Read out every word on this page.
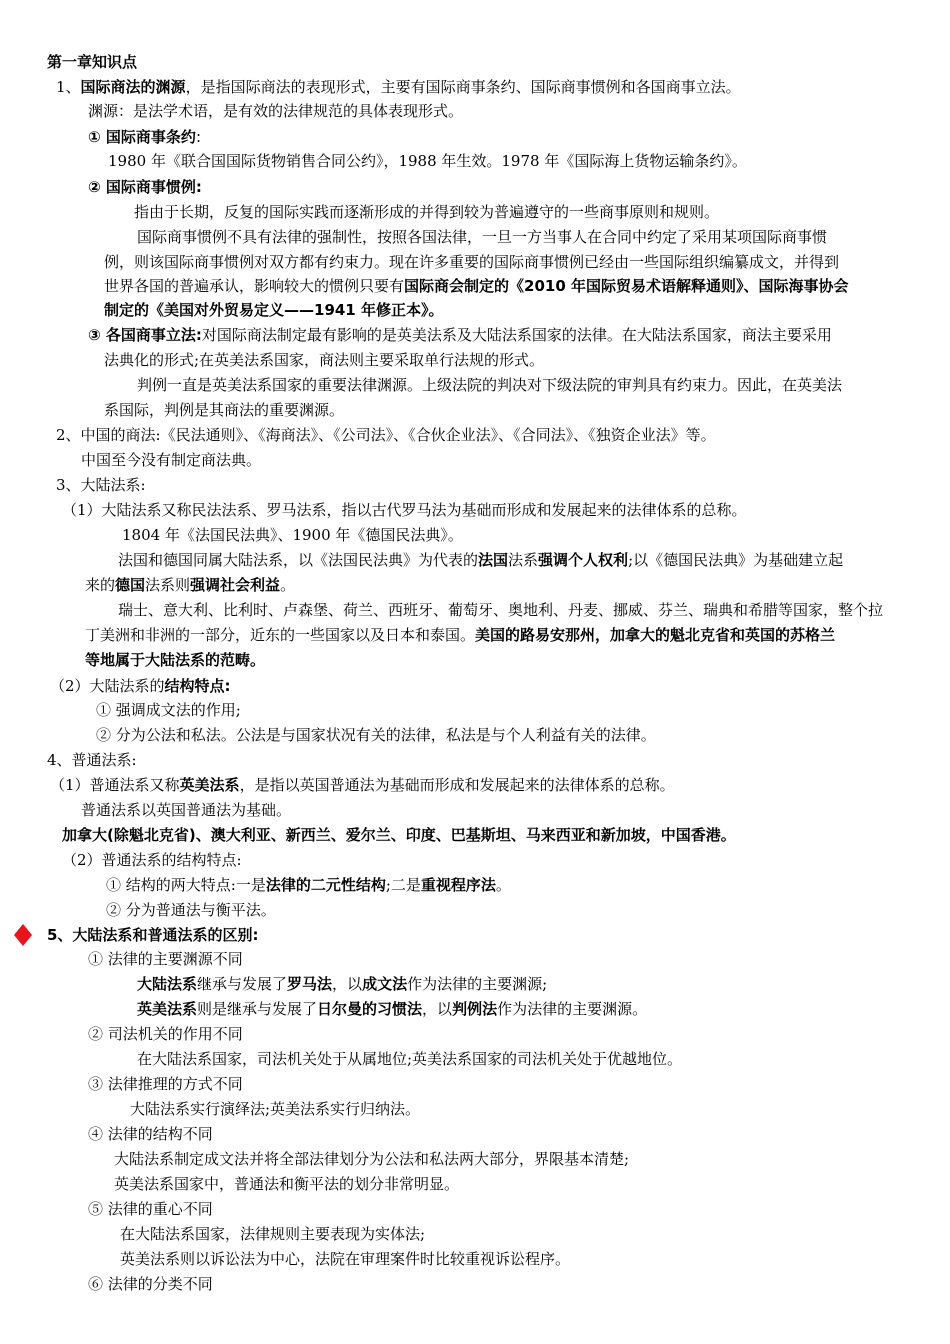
第一章知识点
1、国际商法的渊源，是指国际商法的表现形式，主要有国际商事条约、国际商事惯例和各国商事立法。
渊源：是法学术语，是有效的法律规范的具体表现形式。
① 国际商事条约:
1980 年《联合国国际货物销售合同公约》，1988 年生效。1978 年《国际海上货物运输条约》。
② 国际商事惯例:
指由于长期，反复的国际实践而逐渐形成的并得到较为普遍遵守的一些商事原则和规则。
国际商事惯例不具有法律的强制性，按照各国法律，一旦一方当事人在合同中约定了采用某项国际商事惯
例，则该国际商事惯例对双方都有约束力。现在许多重要的国际商事惯例已经由一些国际组织编纂成文，并得到
世界各国的普遍承认，影响较大的惯例只要有国际商会制定的《2010 年国际贸易术语解释通则》、国际海事协会
制定的《美国对外贸易定义——1941 年修正本》。
③ 各国商事立法:对国际商法制定最有影响的是英美法系及大陆法系国家的法律。在大陆法系国家，商法主要采用
法典化的形式;在英美法系国家，商法则主要采取单行法规的形式。
判例一直是英美法系国家的重要法律渊源。上级法院的判决对下级法院的审判具有约束力。因此，在英美法
系国际，判例是其商法的重要渊源。
2、中国的商法:《民法通则》、《海商法》、《公司法》、《合伙企业法》、《合同法》、《独资企业法》等。
中国至今没有制定商法典。
3、大陆法系:
（1）大陆法系又称民法法系、罗马法系，指以古代罗马法为基础而形成和发展起来的法律体系的总称。
1804 年《法国民法典》、1900 年《德国民法典》。
法国和德国同属大陆法系，以《法国民法典》为代表的法国法系强调个人权利;以《德国民法典》为基础建立起
来的德国法系则强调社会利益。
瑞士、意大利、比利时、卢森堡、荷兰、西班牙、葡萄牙、奥地利、丹麦、挪威、芬兰、瑞典和希腊等国家，整个拉
丁美洲和非洲的一部分，近东的一些国家以及日本和泰国。美国的路易安那州，加拿大的魁北克省和英国的苏格兰
等地属于大陆法系的范畴。
（2）大陆法系的结构特点:
① 强调成文法的作用;
② 分为公法和私法。公法是与国家状况有关的法律，私法是与个人利益有关的法律。
4、普通法系:
（1）普通法系又称英美法系，是指以英国普通法为基础而形成和发展起来的法律体系的总称。
普通法系以英国普通法为基础。
加拿大(除魁北克省)、澳大利亚、新西兰、爱尔兰、印度、巴基斯坦、马来西亚和新加坡，中国香港。
（2）普通法系的结构特点:
① 结构的两大特点:一是法律的二元性结构;二是重视程序法。
② 分为普通法与衡平法。
5、大陆法系和普通法系的区别:
① 法律的主要渊源不同
大陆法系继承与发展了罗马法，以成文法作为法律的主要渊源;
英美法系则是继承与发展了日尔曼的习惯法，以判例法作为法律的主要渊源。
② 司法机关的作用不同
在大陆法系国家，司法机关处于从属地位;英美法系国家的司法机关处于优越地位。
③ 法律推理的方式不同
大陆法系实行演绎法;英美法系实行归纳法。
④ 法律的结构不同
大陆法系制定成文法并将全部法律划分为公法和私法两大部分，界限基本清楚;
英美法系国家中，普通法和衡平法的划分非常明显。
⑤ 法律的重心不同
在大陆法系国家，法律规则主要表现为实体法;
英美法系则以诉讼法为中心，法院在审理案件时比较重视诉讼程序。
⑥ 法律的分类不同
